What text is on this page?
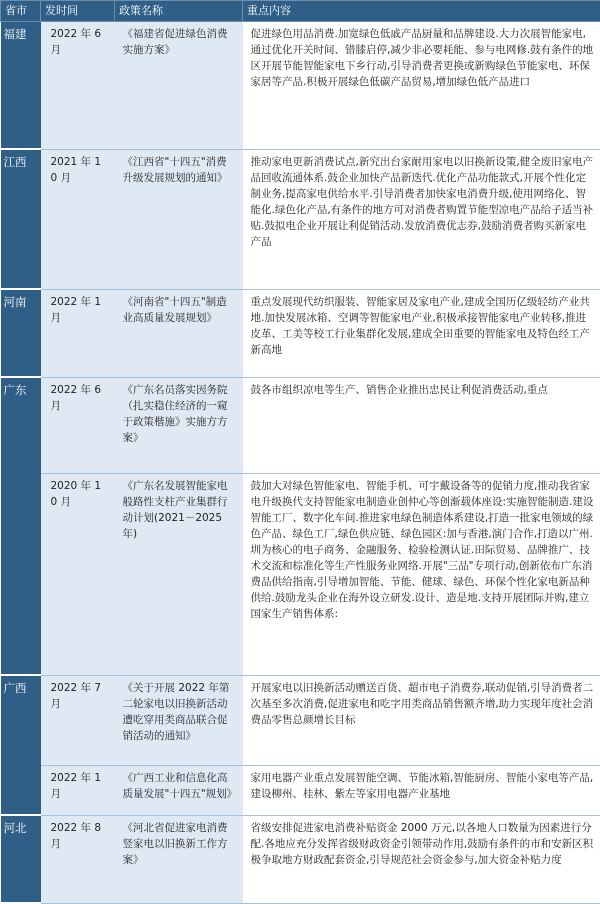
省市	发时间	政策名称	重点内容
福建	2022 年 6 月	《福建省促进绿色消费实施方案》	促进绿色用品消费.加宽绿色低戚产品厨量和品牌建设.大力次展智能家电,通过优化开关时间、错膝启停,减少非必要耗能、参与电网修.鼓有条件的地区开展节能智能家电下乡行动,引导消费者更换或新购绿色节能家电、环保家居等产品.积极开展绿色低碳产品贸易,增加绿色低产品进口
江西	2021 年 10 月	《江西省"十四五"消费升级发展规划的通知》	推动家电更新消费试点,新究出台家耐用家电以旧换新设策,健全废旧家电产品回收流通体系.鼓企业加快产品新迭代.优化产品功能款式,开展个性化定制业务,提高家电供给水平.引导消费者加快家电消费升级,使用网络化、智能化.绿色化产品,有条件的地方可对消费者购置节能型凉电产品给子适当补贴.鼓拟电企业开展让利促销活动.发放消费优志券,鼓励消费者购买新家电产品
河南	2022 年 1 月	《河南省"十四五"制造业高质量发展规划》	重点发展现代纺织服装、智能家居及家电产业,建成全国历亿级轻纺产业共地.加快发展冰箱、空调等智能家电产业,积极承接智能家电产业转移,推进皮革、工美等校工行业集群化发展,建成全田重要的智能家电及特色经工产新高地
广东	2022 年 6 月	《广东名员落实因务院（扎实稳住经济的一窥于政策楷施》实施方方案》	鼓各市组织凉电等生产、销售企业推出忠民让利促消费活动,重点
	2020 年 10 月	《广东名发展智能家电般路性支柱产业集群行动计划(2021－2025 年)	鼓加大对绿色智能家电、智能手机、可宇戴设备等的促销力度,推动我省家电升级换代支持智能家电制造业创仲心等创渐载体座设:实施智能制造.建设智能工厂、数字化车间.推进家电绿色制造体系建设,打造一批家电领域的绿色产品、绿色工厂,绿色供应链、绿色园区:加与香港,演门合作,打造以广州.圳为核心的电子商务、金融服务、检验检测认证.田际贸易、品牌推广、技术交流和棕准化等生产性服务业网络.开展"三品"专项行动,创新依布广东消费品供给指南,引导增加智能、节能、健球、绿色、环保个性化家电新品种供给.鼓励龙头企业在海外设立研发.设计、造是地.支持开展团际并购,建立国家生产销售体系:
广西	2022 年 7 月	《关于开展 2022 年第二轮家电以旧换新活动遭吃穿用类商品联合促销活动的通知》	开展家电以旧换新活动赠送百货、超市电子消费券,联动促销,引导消费者二次基至多次消费,促进家电和吃字用类商品销售额齐增,助力实现年度社会消费品零售总颜增长目标
	2022 年 1 月	《广西工业和信息化高质量发展"十四五"规划》	家用电器产业重点发展智能空调、节能冰箱,智能厨房、智能小家电等产品,建设柳州、桂林、紫左等家用电器产业基地
河北	2022 年 8 月	《河北省促进家电消费竖家电以旧换新工作方案》	省级安排促进家电消费补贴资金 2000 万元,以各地人口数量为因素进行分配.各地应充分发挥省级财政资金引领带动作用,鼓励有条件的市和安新区积极争取地方财政配套资金,引导规范社会资金参与,加大资金补贴力度
